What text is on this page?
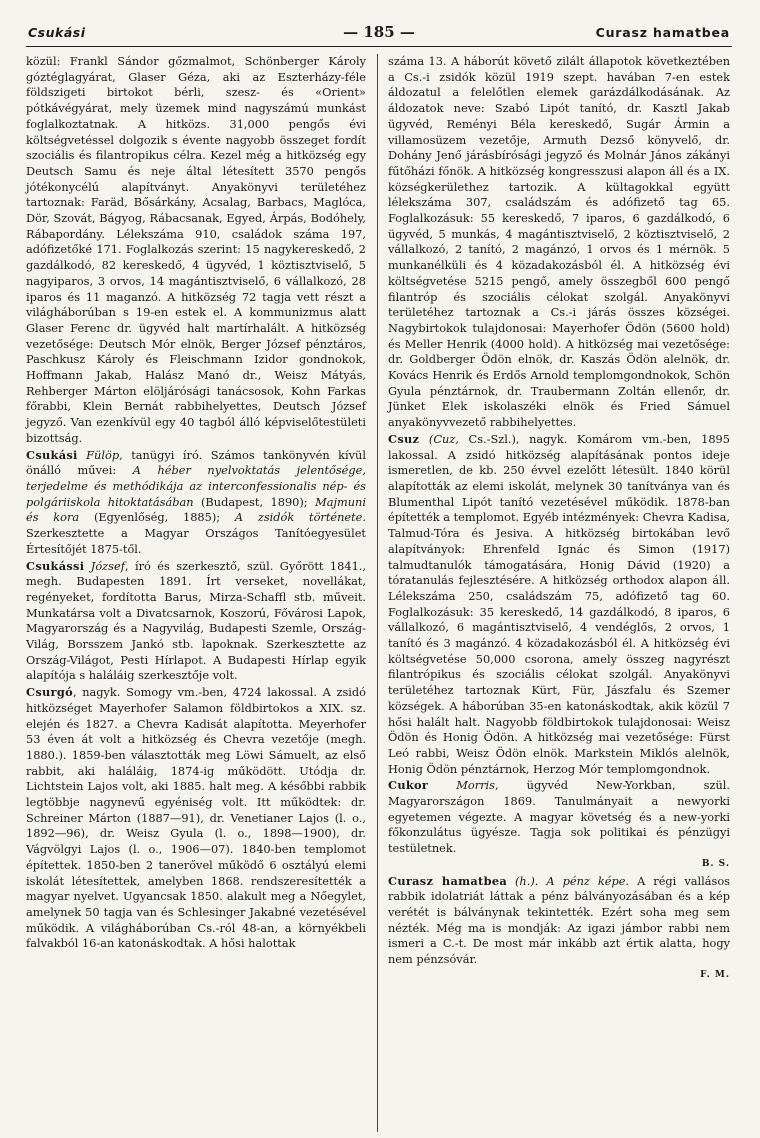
Csukási	— 185 —	Curasz hamatbea

közül: Frankl Sándor gőzmalmot, Schönberger Károly góztéglagyárat, Glaser Géza, aki az Eszterházy-féle földszigeti birtokot bérli, szesz- és «Orient» pótkávégyárat, mely üzemek mind nagyszámú munkást foglalkoztatnak. A hitközs. 31,000 pengős évi költségvetéssel dolgozik s évente nagyobb összeget fordít szociális és filantropikus célra. Kezel még a hitközség egy Deutsch Samu és neje által létesített 3570 pengős jótékonycélú alapítványt. Anyakönyvi területéhez tartoznak: Faräd, Bősárkány, Acsalag, Barbacs, Maglóca, Dör, Szovát, Bágyog, Rábacsanak, Egyed, Árpás, Bodóhely, Rábapordány. Lélekszáma 910, családok száma 197, adófizetőké 171. Foglalkozás szerint: 15 nagykereskedő, 2 gazdálkodó, 82 kereskedő, 4 ügyvéd, 1 köztisztviselő, 5 nagyiparos, 3 orvos, 14 magántisztviselő, 6 vállalkozó, 28 iparos és 11 maganzó. A hitközség 72 tagja vett részt a világháborúban s 19-en estek el. A kommunizmus alatt Glaser Ferenc dr. ügyvéd halt martírhalált. A hitközség vezetősége: Deutsch Mór elnök, Berger József pénztáros, Paschkusz Károly és Fleischmann Izidor gondnokok, Hoffmann Jakab, Halász Manó dr., Weisz Mátyás, Rehberger Márton elöljárósági tanácsosok, Kohn Farkas főrabbi, Klein Bernát rabbihelyettes, Deutsch József jegyző. Van ezenkívül egy 40 tagból álló képviselőtestületi bizottság.

Csukási Fülöp, tanügyi író. Számos tankönyvén kívül önálló művei: A héber nyelvoktatás jelentősége, terjedelme és methódikája az interconfessionalis nép- és polgáriiskola hitoktatásában (Budapest, 1890); Majmuni és kora (Egyenlőség, 1885); A zsidók története. Szerkesztette a Magyar Országos Tanítóegyesület Értesítőjét 1875-től.

Csukássi József, író és szerkesztő, szül. Győrött 1841., megh. Budapesten 1891. Írt verseket, novellákat, regényeket, fordította Barus, Mirza-Schaffl stb. műveit. Munkatársa volt a Divatcsarnok, Koszorú, Fővárosi Lapok, Magyarország és a Nagyvilág, Budapesti Szemle, Ország-Világ, Borsszem Jankó stb. lapoknak. Szerkesztette az Ország-Világot, Pesti Hírlapot. A Budapesti Hírlap egyik alapítója s haláláig szerkesztője volt.

Csurgó, nagyk. Somogy vm.-ben, 4724 lakossal. A zsidó hitközséget Mayerhofer Salamon földbirtokos a XIX. sz. elején és 1827. a Chevra Kadisát alapította. Meyerhofer 53 éven át volt a hitközség és Chevra vezetője (megh. 1880.). 1859-ben választották meg Löwi Sámuelt, az első rabbit, aki haláláig, 1874-ig működött. Utódja dr. Lichtstein Lajos volt, aki 1885. halt meg. A későbbi rabbik legtöbbje nagynevű egyéniség volt. Itt működtek: dr. Schreiner Márton (1887—91), dr. Venetianer Lajos (l. o., 1892—96), dr. Weisz Gyula (l. o., 1898—1900), dr. Vágvölgyi Lajos (l. o., 1906—07). 1840-ben templomot építettek. 1850-ben 2 tanerővel működő 6 osztályú elemi iskolát létesítettek, amelyben 1868. rendszeresítették a magyar nyelvet. Ugyancsak 1850. alakult meg a Nőegylet, amelynek 50 tagja van és Schlesinger Jakabné vezetésével működik. A világháborúban Cs.-ról 48-an, a környékbeli falvakból 16-an katonáskodtak. A hősi halottak

száma 13. A háborút követő zilált állapotok következtében a Cs.-i zsidók közül 1919 szept. havában 7-en estek áldozatul a felelőtlen elemek garázdálkodásának. Az áldozatok neve: Szabó Lipót tanító, dr. Kasztl Jakab ügyvéd, Reményi Béla kereskedő, Sugár Ármin a villamosüzem vezetője, Armuth Dezső könyvelő, dr. Dohány Jenő járásbírósági jegyző és Molnár János zákányi fűtőházi főnök. A hitközség kongresszusi alapon áll és a IX. községkerülethez tartozik. A kültagokkal együtt lélekszáma 307, családszám és adófizető tag 65. Foglalkozásuk: 55 kereskedő, 7 iparos, 6 gazdálkodó, 6 ügyvéd, 5 munkás, 4 magántisztviselő, 2 köztisztviselő, 2 vállalkozó, 2 tanító, 2 magánzó, 1 orvos és 1 mérnök. 5 munkanélküli és 4 közadakozásból él. A hitközség évi költségvetése 5215 pengő, amely összegből 600 pengő filantróp és szociális célokat szolgál. Anyakönyvi területéhez tartoznak a Cs.-i járás összes községei. Nagybirtokok tulajdonosai: Mayerhofer Ödön (5600 hold) és Meller Henrik (4000 hold). A hitközség mai vezetősége: dr. Goldberger Ödön elnök, dr. Kaszás Ödön alelnök, dr. Kovács Henrik és Erdős Arnold templomgondnokok, Schön Gyula pénztárnok, dr. Traubermann Zoltán ellenőr, dr. Jünket Elek iskolaszéki elnök és Fried Sámuel anyakönyvvezető rabbihelyettes.

Csuz (Cuz, Cs.-Szl.), nagyk. Komárom vm.-ben, 1895 lakossal. A zsidó hitközség alapításának pontos ideje ismeretlen, de kb. 250 évvel ezelőtt létesült. 1840 körül alapították az elemi iskolát, melynek 30 tanítványa van és Blumenthal Lipót tanító vezetésével működik. 1878-ban építették a templomot. Egyéb intézmények: Chevra Kadisa, Talmud-Tóra és Jesiva. A hitközség birtokában levő alapítványok: Ehrenfeld Ignác és Simon (1917) talmudtanulók támogatására, Honig Dávid (1920) a tóratanulás fejlesztésére. A hitközség orthodox alapon áll. Lélekszáma 250, családszám 75, adófizető tag 60. Foglalkozásuk: 35 kereskedő, 14 gazdálkodó, 8 iparos, 6 vállalkozó, 6 magántisztviselő, 4 vendéglős, 2 orvos, 1 tanító és 3 magánzó. 4 közadakozásból él. A hitközség évi költségvetése 50,000 csorona, amely összeg nagyrészt filantrópikus és szociális célokat szolgál. Anyakönyvi területéhez tartoznak Kürt, Für, Jászfalu és Szemer községek. A háborúban 35-en katonáskodtak, akik közül 7 hősi halált halt. Nagyobb földbirtokok tulajdonosai: Weisz Ödön és Honig Ödön. A hitközség mai vezetősége: Fürst Leó rabbi, Weisz Ödön elnök. Markstein Miklós alelnök, Honig Ödön pénztárnok, Herzog Mór templomgondnok.

Cukor Morris, ügyvéd New-Yorkban, szül. Magyarországon 1869. Tanulmányait a newyorki egyetemen végezte. A magyar követség és a new-yorki főkonzulátus ügyésze. Tagja sok politikai és pénzügyi testületnek.
B. S.

Curasz hamatbea (h.). A pénz képe. A régi vallásos rabbik idolatriát láttak a pénz bálványozásában és a kép verétét is bálványnak tekintették. Ezért soha meg sem nézték. Még ma is mondják: Az igazi jámbor rabbi nem ismeri a C.-t. De most már inkább azt értik alatta, hogy nem pénzsóvár.
F. M.
